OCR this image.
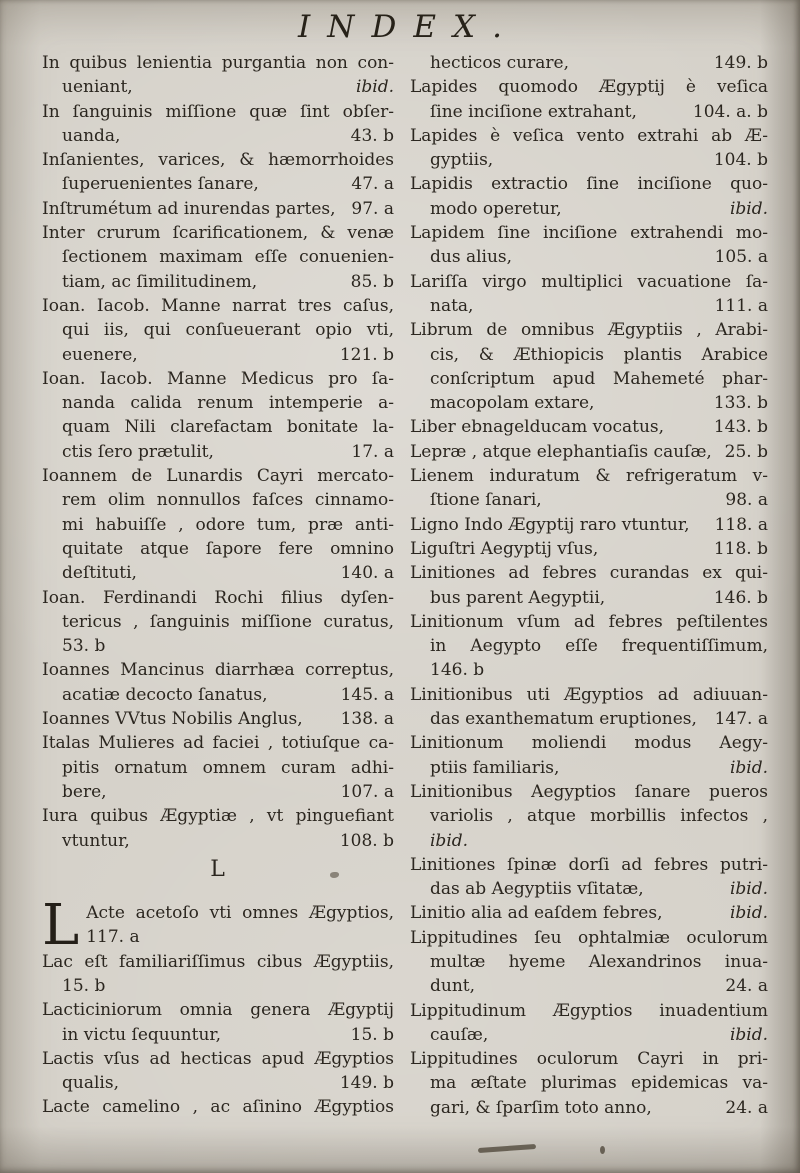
INDEX.
In quibus lenientia purgantia non con-
ueniant,	ibid.
In ſanguinis miſſione quæ ſint obſer-
uanda,	43. b
Inſanientes, varices, & hæmorrhoides
ſuperuenientes ſanare,	47. a
Inſtrumétum ad inurendas partes, 97. a
Inter crurum ſcarificationem, & venæ
ſectionem maximam eſſe conuenien-
tiam, ac ſimilitudinem,	85. b
Ioan. Iacob. Manne narrat tres caſus,
qui iis, qui conſueuerant opio vti,
euenere,	121. b
Ioan. Iacob. Manne Medicus pro ſa-
nanda calida renum intemperie a-
quam Nili clarefactam bonitate la-
ctis ſero prætulit,	17. a
Ioannem de Lunardis Cayri mercato-
rem olim nonnullos faſces cinnamo-
mi habuiſſe , odore tum, præ anti-
quitate atque ſapore fere omnino
deſtituti,	140. a
Ioan. Ferdinandi Rochi filius dyſen-
tericus , ſanguinis miſſione curatus,
53. b
Ioannes Mancinus diarrhæa correptus,
acatiæ decocto ſanatus,	145. a
Ioannes VVtus Nobilis Anglus, 138. a
Italas Mulieres ad faciei , totiuſque ca-
pitis ornatum omnem curam adhi-
bere,	107. a
Iura quibus Ægyptiæ , vt pinguefiant
vtuntur,	108. b
L
L Acte acetoſo vti omnes Ægyptios,
117. a
Lac eſt familiariſſimus cibus Ægyptiis,
15. b
Lacticiniorum omnia genera Ægyptij
in victu ſequuntur,	15. b
Lactis vſus ad hecticas apud Ægyptios
qualis,	149. b
Lacte camelino , ac aſinino Ægyptios
hecticos curare,	149. b
Lapides quomodo Ægyptij è veſica
ſine inciſione extrahant,	104. a. b
Lapides è veſica vento extrahi ab Æ-
gyptiis,	104. b
Lapidis extractio ſine inciſione quo-
modo operetur,	ibid.
Lapidem ſine inciſione extrahendi mo-
dus alius,	105. a
Lariſſa virgo multiplici vacuatione ſa-
nata,	111. a
Librum de omnibus Ægyptiis , Arabi-
cis, & Æthiopicis plantis Arabice
conſcriptum apud Mahemeté phar-
macopolam extare,	133. b
Liber ebnagelducam vocatus,	143. b
Lepræ , atque elephantiaſis cauſæ, 25. b
Lienem induratum & refrigeratum v-
ſtione ſanari,	98. a
Ligno Indo Ægyptij raro vtuntur, 118. a
Liguſtri Aegyptij vſus,	118. b
Linitiones ad febres curandas ex qui-
bus parent Aegyptii,	146. b
Linitionum vſum ad febres peſtilentes
in Aegypto eſſe frequentiſſimum,
146. b
Linitionibus uti Ægyptios ad adiuuan-
das exanthematum eruptiones, 147. a
Linitionum moliendi modus Aegy-
ptiis familiaris,	ibid.
Linitionibus Aegyptios ſanare pueros
variolis , atque morbillis infectos ,
ibid.
Linitiones ſpinæ dorſi ad febres putri-
das ab Aegyptiis vſitatæ,	ibid.
Linitio alia ad eaſdem febres,	ibid.
Lippitudines ſeu ophtalmiæ oculorum
multæ hyeme Alexandrinos inua-
dunt,	24. a
Lippitudinum Ægyptios inuadentium
cauſæ,	ibid.
Lippitudines oculorum Cayri in pri-
ma æſtate plurimas epidemicas va-
gari, & ſparſim toto anno,	24. a
